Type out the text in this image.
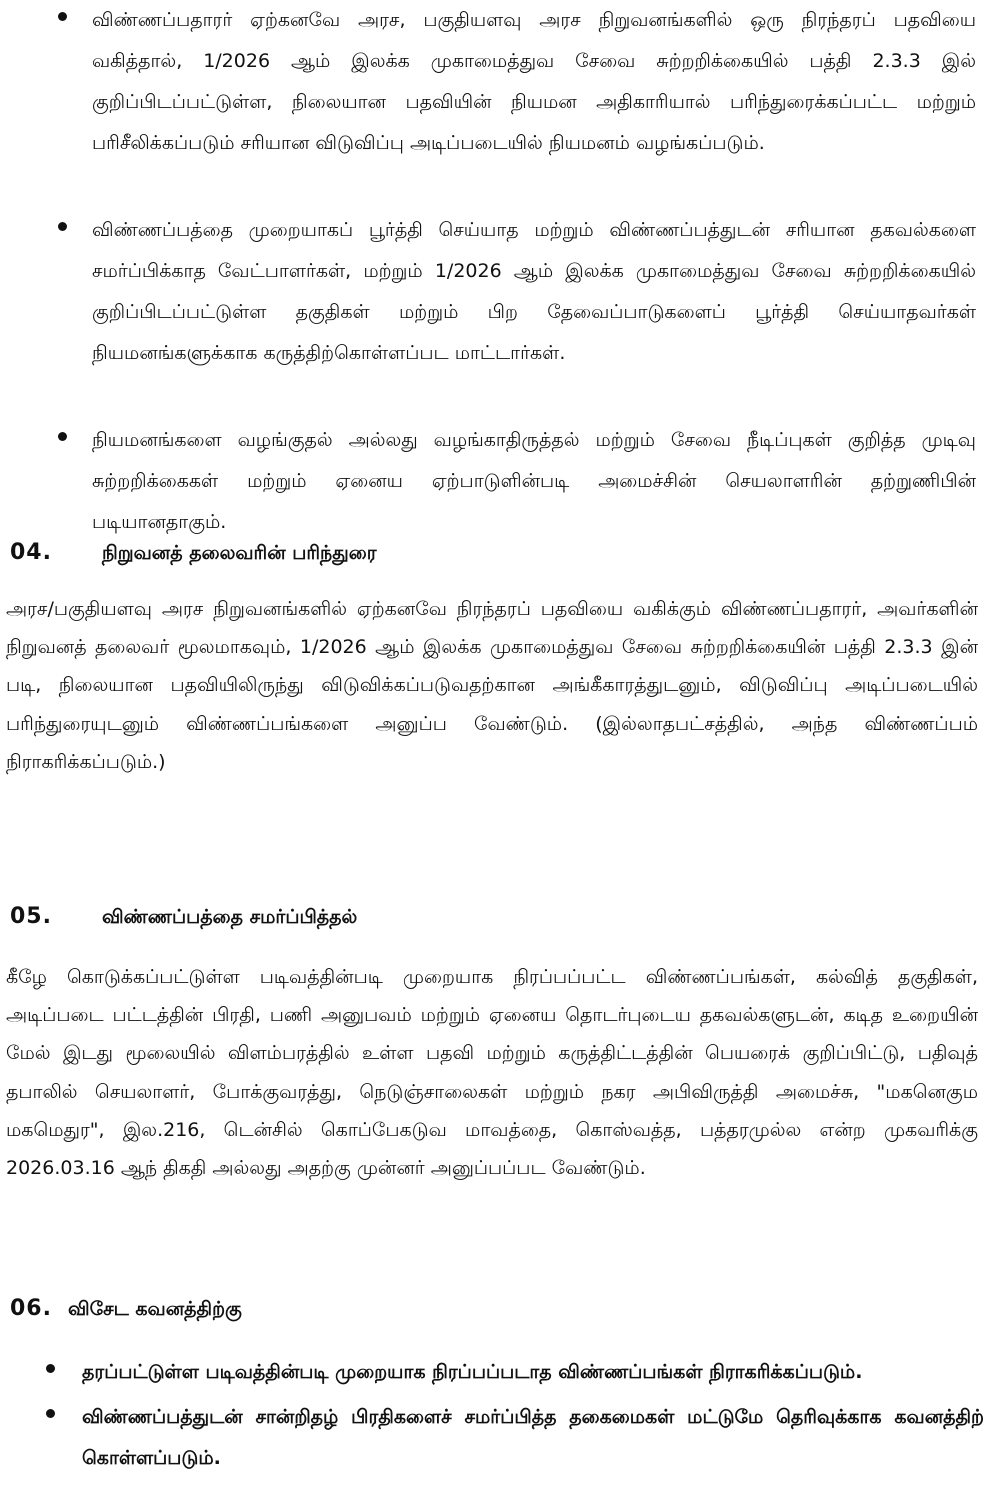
விண்ணப்பதாரர் ஏற்கனவே அரச, பகுதியளவு அரச நிறுவனங்களில் ஒரு நிரந்தரப் பதவியை வகித்தால், 1/2026 ஆம் இலக்க முகாமைத்துவ சேவை சுற்றறிக்கையில் பத்தி 2.3.3 இல் குறிப்பிடப்பட்டுள்ள, நிலையான பதவியின் நியமன அதிகாரியால் பரிந்துரைக்கப்பட்ட மற்றும் பரிசீலிக்கப்படும் சரியான விடுவிப்பு அடிப்படையில் நியமனம் வழங்கப்படும்.
விண்ணப்பத்தை முறையாகப் பூர்த்தி செய்யாத மற்றும் விண்ணப்பத்துடன் சரியான தகவல்களை சமர்ப்பிக்காத வேட்பாளர்கள், மற்றும் 1/2026 ஆம் இலக்க முகாமைத்துவ சேவை சுற்றறிக்கையில் குறிப்பிடப்பட்டுள்ள தகுதிகள் மற்றும் பிற தேவைப்பாடுகளைப் பூர்த்தி செய்யாதவர்கள் நியமனங்களுக்காக கருத்திற்கொள்ளப்பட மாட்டார்கள்.
நியமனங்களை வழங்குதல் அல்லது வழங்காதிருத்தல் மற்றும் சேவை நீடிப்புகள் குறித்த முடிவு சுற்றறிக்கைகள் மற்றும் ஏனைய ஏற்பாடுளின்படி அமைச்சின் செயலாளரின் தற்றுணிபின் படியானதாகும்.
04.	நிறுவனத் தலைவரின் பரிந்துரை

அரச/பகுதியளவு அரச நிறுவனங்களில் ஏற்கனவே நிரந்தரப் பதவியை வகிக்கும் விண்ணப்பதாரர், அவர்களின் நிறுவனத் தலைவர் மூலமாகவும், 1/2026 ஆம் இலக்க முகாமைத்துவ சேவை சுற்றறிக்கையின் பத்தி 2.3.3 இன் படி, நிலையான பதவியிலிருந்து விடுவிக்கப்படுவதற்கான அங்கீகாரத்துடனும், விடுவிப்பு அடிப்படையில் பரிந்துரையுடனும் விண்ணப்பங்களை அனுப்ப வேண்டும். (இல்லாதபட்சத்தில், அந்த விண்ணப்பம் நிராகரிக்கப்படும்.)

05.	விண்ணப்பத்தை சமர்ப்பித்தல்

கீழே கொடுக்கப்பட்டுள்ள படிவத்தின்படி முறையாக நிரப்பப்பட்ட விண்ணப்பங்கள், கல்வித் தகுதிகள், அடிப்படை பட்டத்தின் பிரதி, பணி அனுபவம் மற்றும் ஏனைய தொடர்புடைய தகவல்களுடன், கடித உறையின் மேல் இடது மூலையில் விளம்பரத்தில் உள்ள பதவி மற்றும் கருத்திட்டத்தின் பெயரைக் குறிப்பிட்டு, பதிவுத் தபாலில் செயலாளர், போக்குவரத்து, நெடுஞ்சாலைகள் மற்றும் நகர அபிவிருத்தி அமைச்சு, "மகனெகும மகமெதுர", இல.216, டென்சில் கொப்பேகடுவ மாவத்தை, கொஸ்வத்த, பத்தரமுல்ல என்ற முகவரிக்கு 2026.03.16 ஆந் திகதி அல்லது அதற்கு முன்னர் அனுப்பப்பட வேண்டும்.

06. விசேட கவனத்திற்கு
தரப்பட்டுள்ள படிவத்தின்படி முறையாக நிரப்பப்படாத விண்ணப்பங்கள் நிராகரிக்கப்படும்.
விண்ணப்பத்துடன் சான்றிதழ் பிரதிகளைச் சமர்ப்பித்த தகைமைகள் மட்டுமே தெரிவுக்காக கவனத்திற் கொள்ளப்படும்.
